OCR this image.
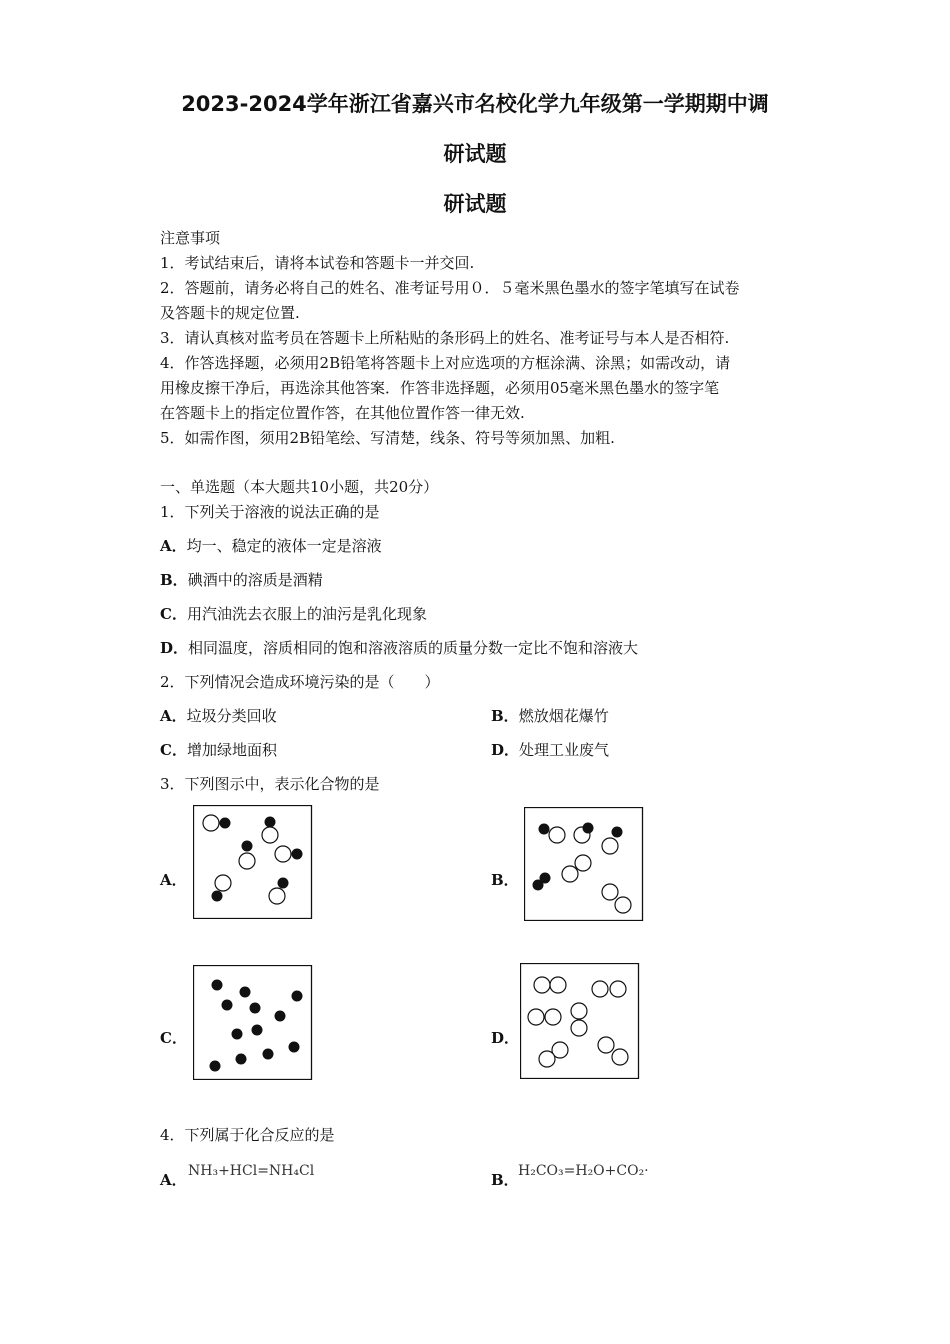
2023-2024学年浙江省嘉兴市名校化学九年级第一学期期中调
研试题
研试题
注意事项
1．考试结束后，请将本试卷和答题卡一并交回.
2．答题前，请务必将自己的姓名、准考证号用０．５毫米黑色墨水的签字笔填写在试卷
及答题卡的规定位置.
3．请认真核对监考员在答题卡上所粘贴的条形码上的姓名、准考证号与本人是否相符.
4．作答选择题，必须用2B铅笔将答题卡上对应选项的方框涂满、涂黑；如需改动，请
用橡皮擦干净后，再选涂其他答案．作答非选择题，必须用05毫米黑色墨水的签字笔
在答题卡上的指定位置作答，在其他位置作答一律无效.
5．如需作图，须用2B铅笔绘、写清楚，线条、符号等须加黑、加粗.
一、单选题（本大题共10小题，共20分）
1．下列关于溶液的说法正确的是
A．均一、稳定的液体一定是溶液
B．碘酒中的溶质是酒精
C．用汽油洗去衣服上的油污是乳化现象
D．相同温度，溶质相同的饱和溶液溶质的质量分数一定比不饱和溶液大
2．下列情况会造成环境污染的是（　　）
A．垃圾分类回收	B．燃放烟花爆竹
C．增加绿地面积	D．处理工业废气
3．下列图示中，表示化合物的是
A．	B．
C．	D．
4．下列属于化合反应的是
A． NH₃+HCl=NH₄Cl	B． H₂CO₃=H₂O+CO₂·
